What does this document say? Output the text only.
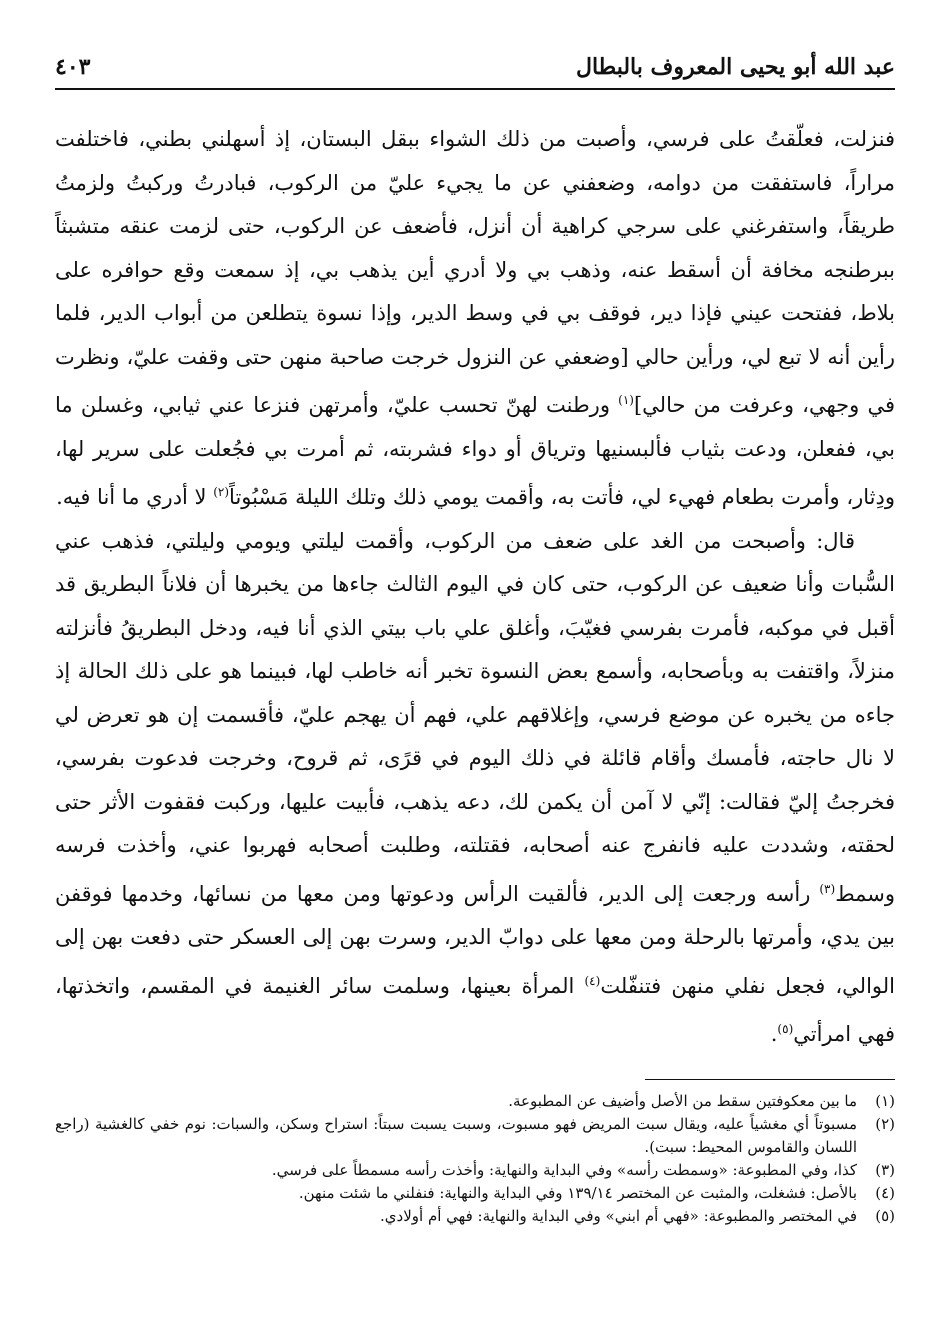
عبد الله أبو يحيى المعروف بالبطال
٤٠٣

فنزلت، فعلّقتُ على فرسي، وأصبت من ذلك الشواء ببقل البستان، إذ أسهلني بطني، فاختلفت مراراً، فاستفقت من دوامه، وضعفني عن ما يجيء عليّ من الركوب، فبادرتُ وركبتُ ولزمتُ طريقاً، واستفرغني على سرجي كراهية أن أنزل، فأضعف عن الركوب، حتى لزمت عنقه متشبثاً ببرطنجه مخافة أن أسقط عنه، وذهب بي ولا أدري أين يذهب بي، إذ سمعت وقع حوافره على بلاط، ففتحت عيني فإذا دير، فوقف بي في وسط الدير، وإذا نسوة يتطلعن من أبواب الدير، فلما رأين أنه لا تبع لي، ورأين حالي [وضعفي عن النزول خرجت صاحبة منهن حتى وقفت عليّ، ونظرت في وجهي، وعرفت من حالي]$^{(١)}$ ورطنت لهنّ تحسب عليّ، وأمرتهن فنزعا عني ثيابي، وغسلن ما بي، ففعلن، ودعت بثياب فألبسنيها وترياق أو دواء فشربته، ثم أمرت بي فجُعلت على سرير لها، ودِثار، وأمرت بطعام فهيء لي، فأتت به، وأقمت يومي ذلك وتلك الليلة مَسْبُوتاً$^{(٢)}$ لا أدري ما أنا فيه.

قال: وأصبحت من الغد على ضعف من الركوب، وأقمت ليلتي ويومي وليلتي، فذهب عني السُّبات وأنا ضعيف عن الركوب، حتى كان في اليوم الثالث جاءها من يخبرها أن فلاناً البطريق قد أقبل في موكبه، فأمرت بفرسي فغيّبَ، وأغلق علي باب بيتي الذي أنا فيه، ودخل البطريقُ فأنزلته منزلاً، واقتفت به وبأصحابه، وأسمع بعض النسوة تخبر أنه خاطب لها، فبينما هو على ذلك الحالة إذ جاءه من يخبره عن موضع فرسي، وإغلاقهم علي، فهم أن يهجم عليّ، فأقسمت إن هو تعرض لي لا نال حاجته، فأمسك وأقام قائلة في ذلك اليوم في قرًى، ثم قروح، وخرجت فدعوت بفرسي، فخرجتُ إليّ فقالت: إنّي لا آمن أن يكمن لك، دعه يذهب، فأبيت عليها، وركبت فقفوت الأثر حتى لحقته، وشددت عليه فانفرج عنه أصحابه، فقتلته، وطلبت أصحابه فهربوا عني، وأخذت فرسه وسمط$^{(٣)}$ رأسه ورجعت إلى الدير، فألقيت الرأس ودعوتها ومن معها من نسائها، وخدمها فوقفن بين يدي، وأمرتها بالرحلة ومن معها على دوابّ الدير، وسرت بهن إلى العسكر حتى دفعت بهن إلى الوالي، فجعل نفلي منهن فتنفّلت$^{(٤)}$ المرأة بعينها، وسلمت سائر الغنيمة في المقسم، واتخذتها، فهي امرأتي$^{(٥)}$.

(١)
ما بين معكوفتين سقط من الأصل وأضيف عن المطبوعة.
(٢)
مسبوتاً أي مغشياً عليه، ويقال سبت المريض فهو مسبوت، وسبت يسبت سبتاً: استراح وسكن، والسبات: نوم خفي كالغشية (راجع اللسان والقاموس المحيط: سبت).
(٣)
كذا، وفي المطبوعة: «وسمطت رأسه» وفي البداية والنهاية: وأخذت رأسه مسمطاً على فرسي.
(٤)
بالأصل: فشغلت، والمثبت عن المختصر ١٣٩/١٤ وفي البداية والنهاية: فنفلني ما شئت منهن.
(٥)
في المختصر والمطبوعة: «فهي أم ابني» وفي البداية والنهاية: فهي أم أولادي.
